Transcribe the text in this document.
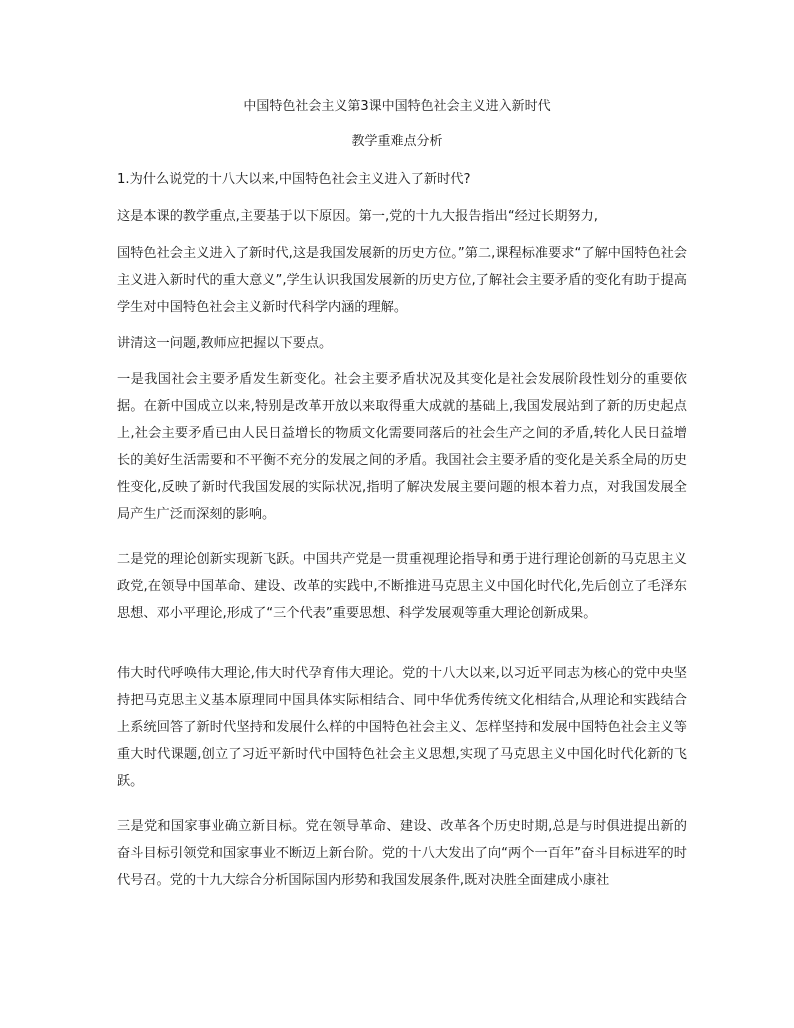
中国特色社会主义第3课中国特色社会主义进入新时代
教学重难点分析

1.为什么说党的十八大以来,中国特色社会主义进入了新时代?

这是本课的教学重点,主要基于以下原因。第一,党的十九大报告指出“经过长期努力,

国特色社会主义进入了新时代,这是我国发展新的历史方位。”第二,课程标准要求“了解中国特色社会主义进入新时代的重大意义”,学生认识我国发展新的历史方位,了解社会主要矛盾的变化有助于提高学生对中国特色社会主义新时代科学内涵的理解。

讲清这一问题,教师应把握以下要点。

一是我国社会主要矛盾发生新变化。社会主要矛盾状况及其变化是社会发展阶段性划分的重要依据。在新中国成立以来,特别是改革开放以来取得重大成就的基础上,我国发展站到了新的历史起点上,社会主要矛盾已由人民日益增长的物质文化需要同落后的社会生产之间的矛盾,转化人民日益增长的美好生活需要和不平衡不充分的发展之间的矛盾。我国社会主要矛盾的变化是关系全局的历史性变化,反映了新时代我国发展的实际状况,指明了解决发展主要问题的根本着力点，对我国发展全局产生广泛而深刻的影响。

二是党的理论创新实现新飞跃。中国共产党是一贯重视理论指导和勇于进行理论创新的马克思主义政党,在领导中国革命、建设、改革的实践中,不断推进马克思主义中国化时代化,先后创立了毛泽东思想、邓小平理论,形成了“三个代表”重要思想、科学发展观等重大理论创新成果。

伟大时代呼唤伟大理论,伟大时代孕育伟大理论。党的十八大以来,以习近平同志为核心的党中央坚持把马克思主义基本原理同中国具体实际相结合、同中华优秀传统文化相结合,从理论和实践结合上系统回答了新时代坚持和发展什么样的中国特色社会主义、怎样坚持和发展中国特色社会主义等重大时代课题,创立了习近平新时代中国特色社会主义思想,实现了马克思主义中国化时代化新的飞跃。

三是党和国家事业确立新目标。党在领导革命、建设、改革各个历史时期,总是与时俱进提出新的奋斗目标引领党和国家事业不断迈上新台阶。党的十八大发出了向“两个一百年”奋斗目标进军的时代号召。党的十九大综合分析国际国内形势和我国发展条件,既对决胜全面建成小康社
